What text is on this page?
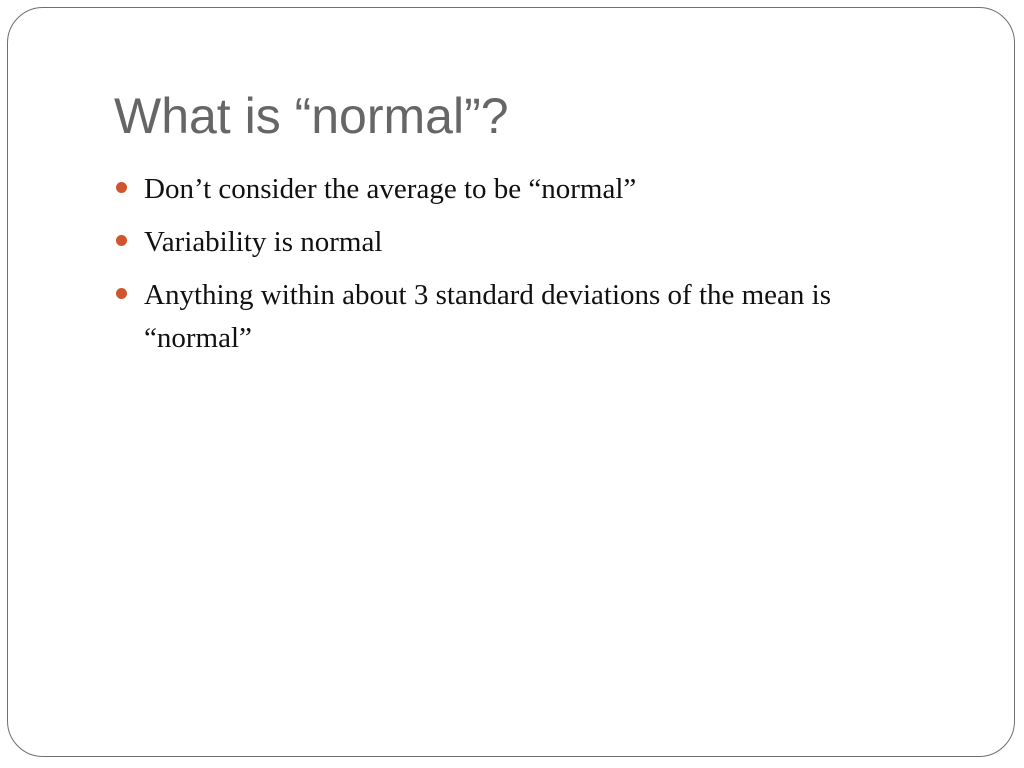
What is “normal”?
Don’t consider the average to be “normal”
Variability is normal
Anything within about 3 standard deviations of the mean is “normal”
